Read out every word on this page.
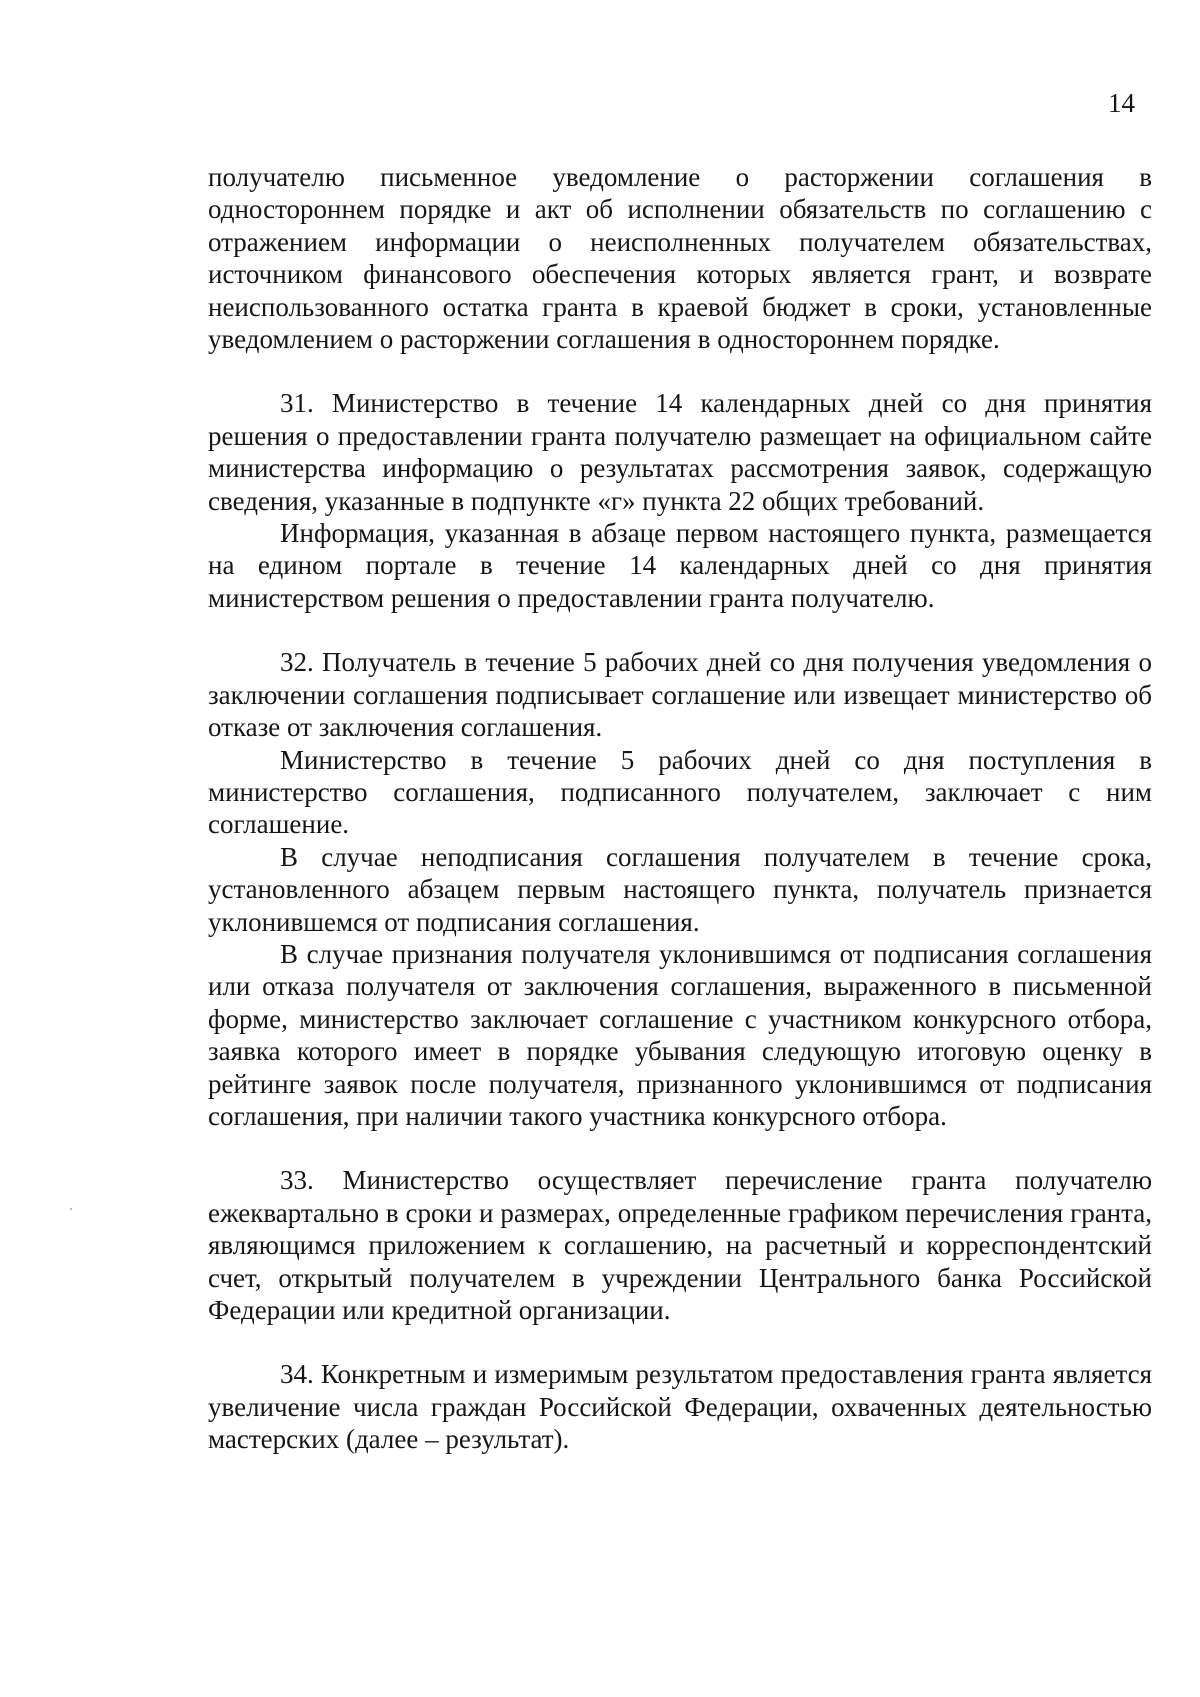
14

получателю письменное уведомление о расторжении соглашения в одностороннем порядке и акт об исполнении обязательств по соглашению с отражением информации о неисполненных получателем обязательствах, источником финансового обеспечения которых является грант, и возврате неиспользованного остатка гранта в краевой бюджет в сроки, установленные уведомлением о расторжении соглашения в одностороннем порядке.

31. Министерство в течение 14 календарных дней со дня принятия решения о предоставлении гранта получателю размещает на официальном сайте министерства информацию о результатах рассмотрения заявок, содержащую сведения, указанные в подпункте «г» пункта 22 общих требований.

Информация, указанная в абзаце первом настоящего пункта, размещается на едином портале в течение 14 календарных дней со дня принятия министерством решения о предоставлении гранта получателю.

32. Получатель в течение 5 рабочих дней со дня получения уведомления о заключении соглашения подписывает соглашение или извещает министерство об отказе от заключения соглашения.

Министерство в течение 5 рабочих дней со дня поступления в министерство соглашения, подписанного получателем, заключает с ним соглашение.

В случае неподписания соглашения получателем в течение срока, установленного абзацем первым настоящего пункта, получатель признается уклонившемся от подписания соглашения.

В случае признания получателя уклонившимся от подписания соглашения или отказа получателя от заключения соглашения, выраженного в письменной форме, министерство заключает соглашение с участником конкурсного отбора, заявка которого имеет в порядке убывания следующую итоговую оценку в рейтинге заявок после получателя, признанного уклонившимся от подписания соглашения, при наличии такого участника конкурсного отбора.

33. Министерство осуществляет перечисление гранта получателю ежеквартально в сроки и размерах, определенные графиком перечисления гранта, являющимся приложением к соглашению, на расчетный и корреспондентский счет, открытый получателем в учреждении Центрального банка Российской Федерации или кредитной организации.

34. Конкретным и измеримым результатом предоставления гранта является увеличение числа граждан Российской Федерации, охваченных деятельностью мастерских (далее – результат).
